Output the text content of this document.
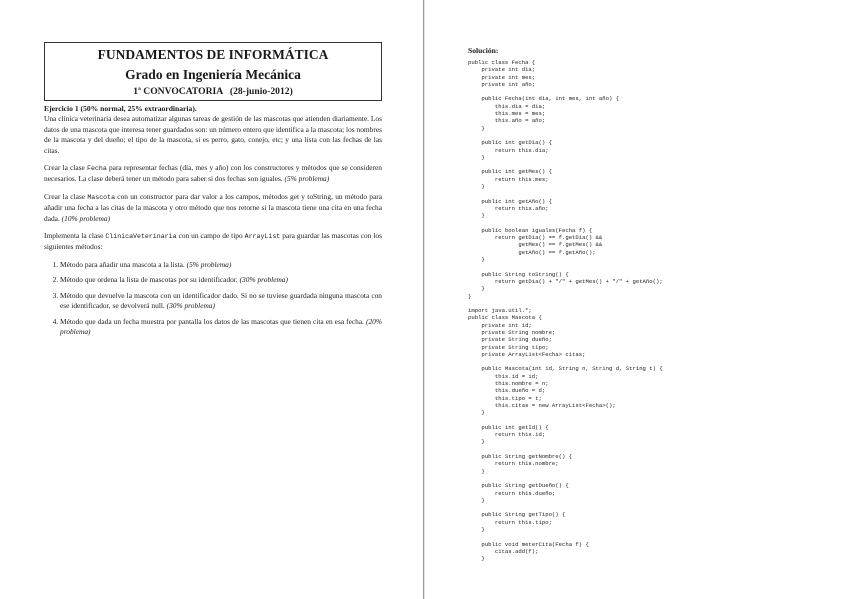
FUNDAMENTOS DE INFORMÁTICA
Grado en Ingeniería Mecánica
1ª CONVOCATORIA   (28-junio-2012)
Ejercicio 1 (50% normal, 25% extraordinaria).

Una clínica veterinaria desea automatizar algunas tareas de gestión de las mascotas que atienden diariamente. Los datos de una mascota que interesa tener guardados son: un número entero que identifica a la mascota; los nombres de la mascota y del dueño; el tipo de la mascota, si es perro, gato, conejo, etc; y una lista con las fechas de las citas.

Crear la clase Fecha para representar fechas (día, mes y año) con los constructores y métodos que se consideren necesarios. La clase deberá tener un método para saber si dos fechas son iguales. (5% problema)

Crear la clase Mascota con un constructor para dar valor a los campos, métodos get y toString, un método para añadir una fecha a las citas de la mascota y otro método que nos retorne si la mascota tiene una cita en una fecha dada. (10% problema)

Implementa la clase ClinicaVeterinaria con un campo de tipo ArrayList para guardar las mascotas con los siguientes métodos:

1. Método para añadir una mascota a la lista. (5% problema)
2. Método que ordena la lista de mascotas por su identificador. (30% problema)
3. Método que devuelve la mascota con un identificador dado. Si no se tuviese guardada ninguna mascota con ese identificador, se devolverá null. (30% problema)
4. Método que dada un fecha muestra por pantalla los datos de las mascotas que tienen cita en esa fecha. (20% problema)
Solución:
public class Fecha {
private int dia;
private int mes;
private int año;

public Fecha(int dia, int mes, int año) {
this.dia = dia;
this.mes = mes;
this.año = año;
}

public int getDia() {
return this.dia;
}

public int getMes() {
return this.mes;
}

public int getAño() {
return this.año;
}

public boolean iguales(Fecha f) {
return getDia() == f.getDia() &&
getMes() == f.getMes() &&
getAño() == f.getAño();
}

public String toString() {
return getDia() + "/" + getMes() + "/" + getAño();
}
}

import java.util.*;
public class Mascota {
private int id;
private String nombre;
private String dueño;
private String tipo;
private ArrayList<Fecha> citas;

public Mascota(int id, String n, String d, String t) {
this.id = id;
this.nombre = n;
this.dueño = d;
this.tipo = t;
this.citas = new ArrayList<Fecha>();
}

public int getId() {
return this.id;
}

public String getNombre() {
return this.nombre;
}

public String getDueño() {
return this.dueño;
}

public String getTipo() {
return this.tipo;
}

public void meterCita(Fecha f) {
citas.add(f);
}
